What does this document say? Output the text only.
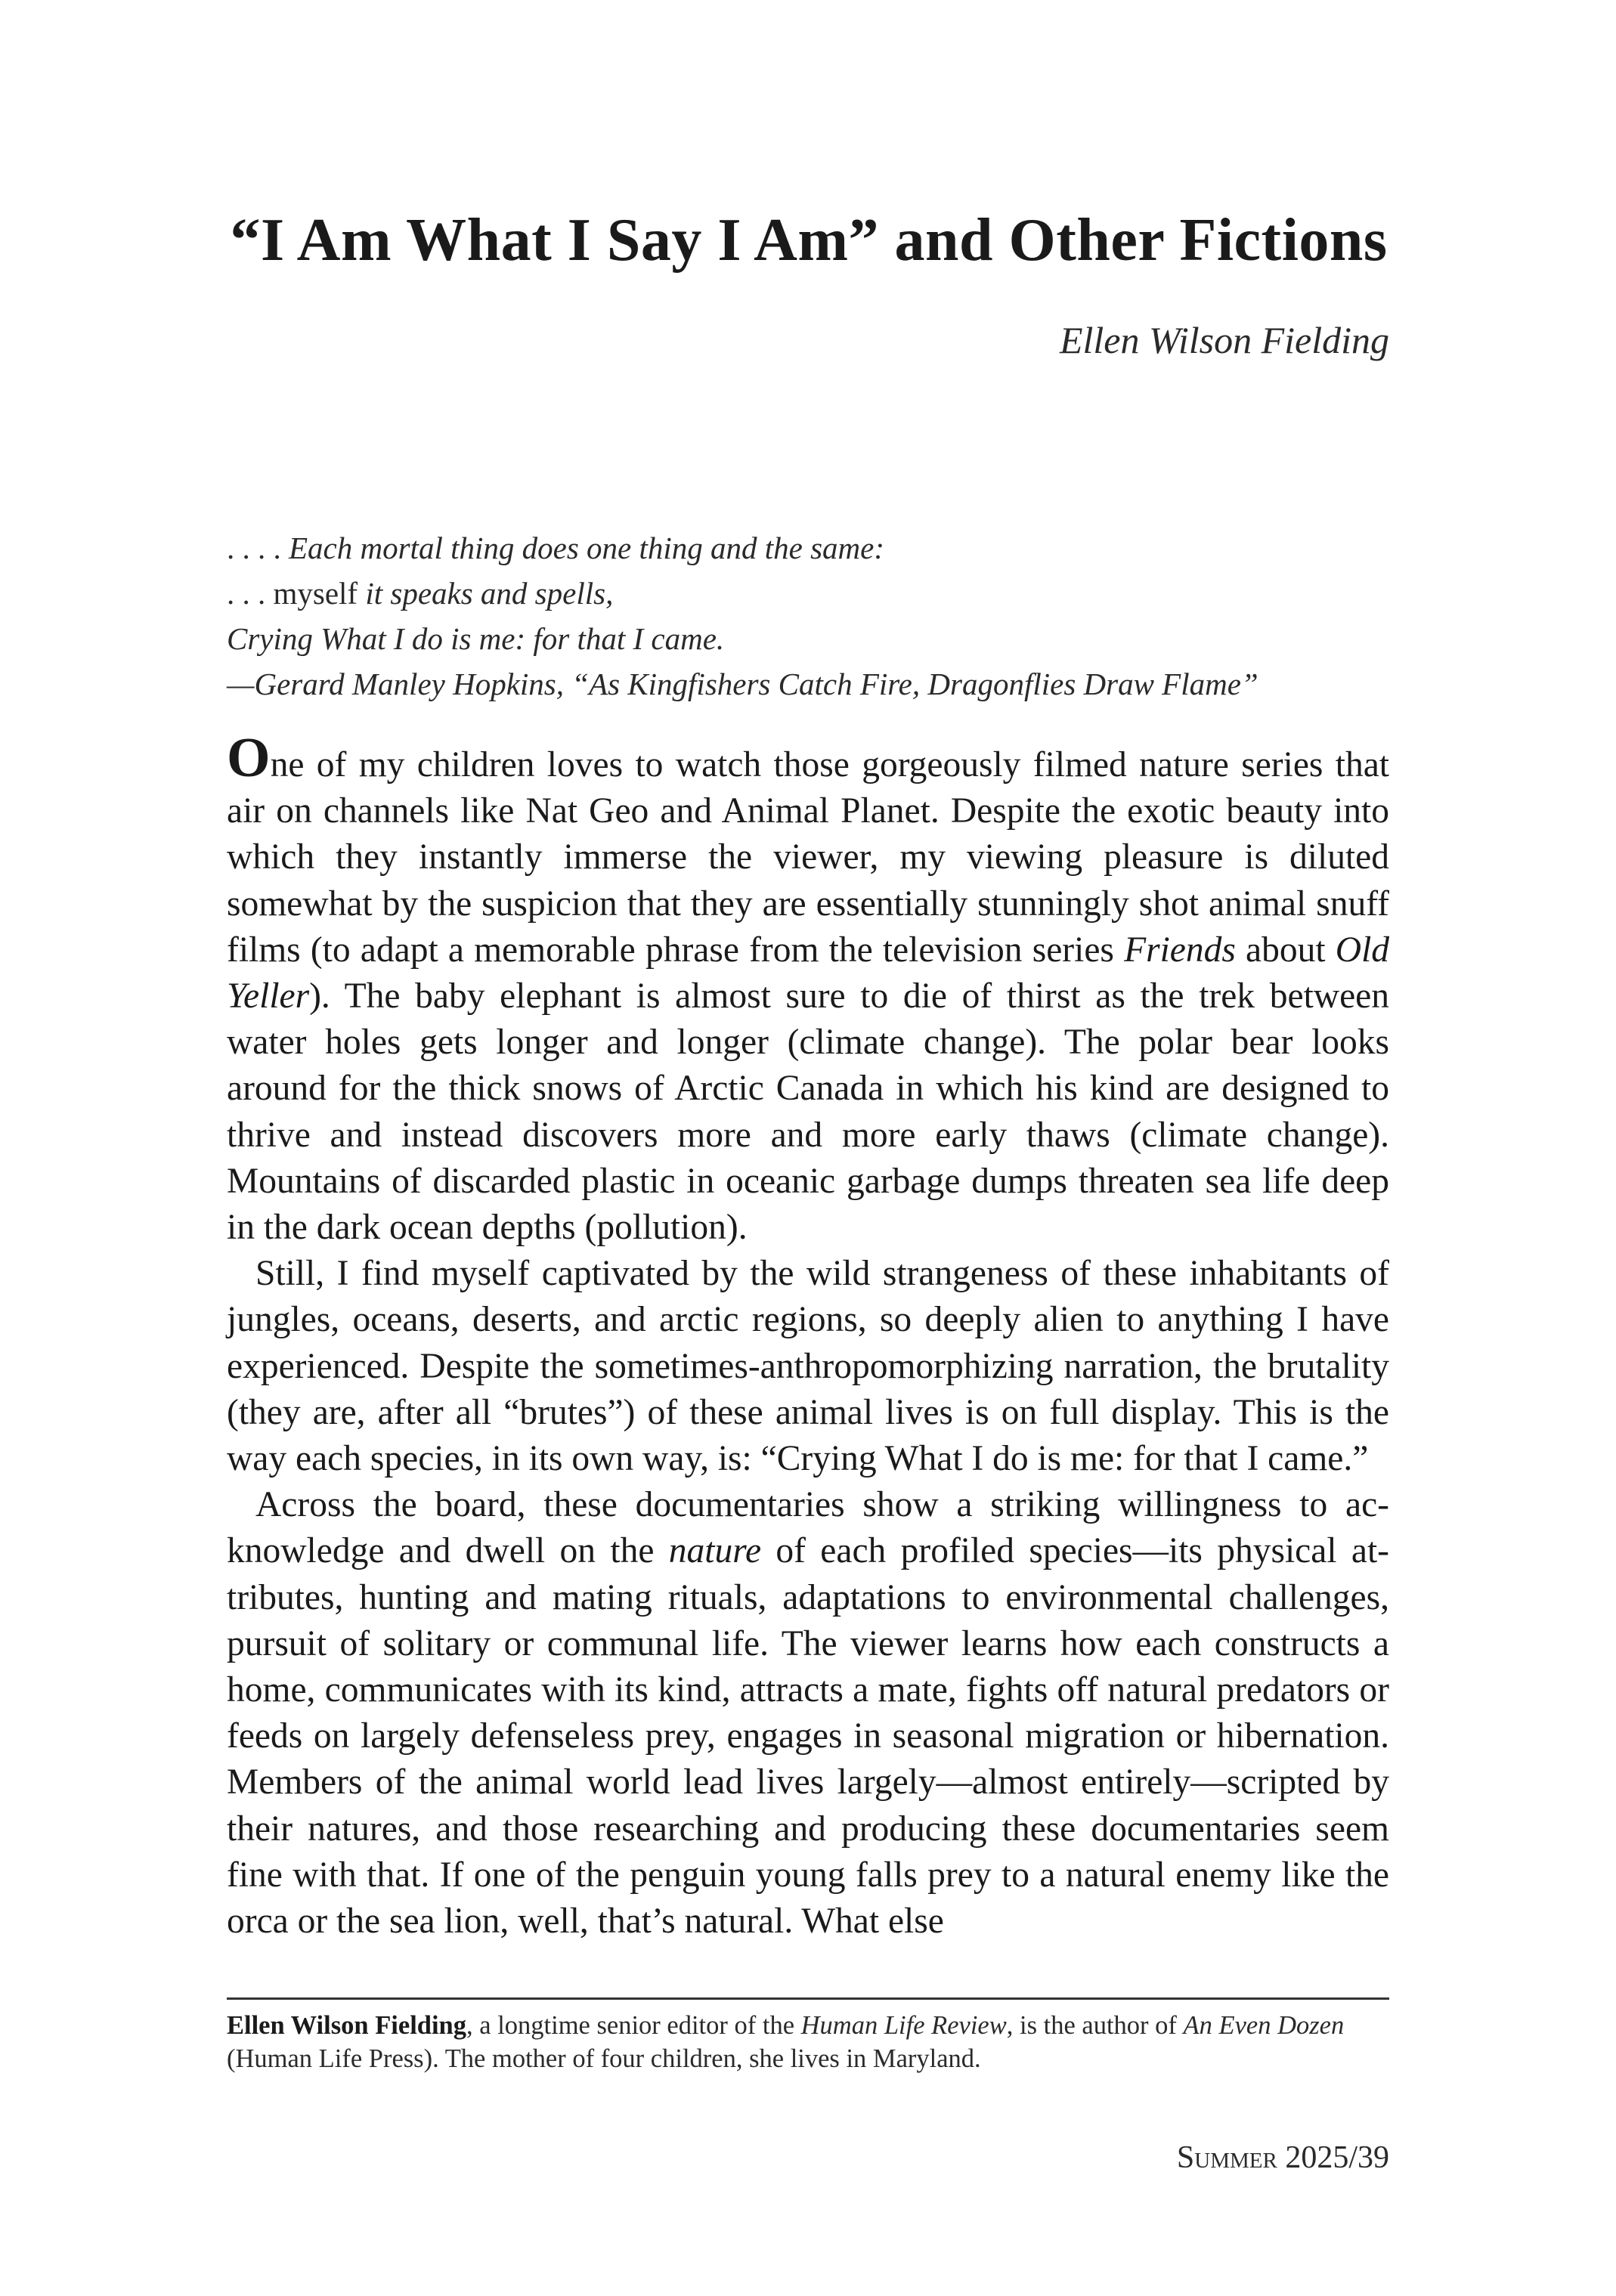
“I Am What I Say I Am” and Other Fictions
Ellen Wilson Fielding
. . . . Each mortal thing does one thing and the same:
. . . myself it speaks and spells,
Crying What I do is me: for that I came.
—Gerard Manley Hopkins, “As Kingfishers Catch Fire, Dragonflies Draw Flame”

One of my children loves to watch those gorgeously filmed nature series that air on channels like Nat Geo and Animal Planet. Despite the exotic beauty into which they instantly immerse the viewer, my viewing pleasure is diluted somewhat by the suspicion that they are essentially stunningly shot animal snuff films (to adapt a memorable phrase from the television series Friends about Old Yeller). The baby elephant is almost sure to die of thirst as the trek between water holes gets longer and longer (climate change). The polar bear looks around for the thick snows of Arctic Canada in which his kind are designed to thrive and instead discovers more and more early thaws (climate change). Mountains of discarded plastic in oceanic garbage dumps threaten sea life deep in the dark ocean depths (pollution).

Still, I find myself captivated by the wild strangeness of these inhabitants of jungles, oceans, deserts, and arctic regions, so deeply alien to anything I have experienced. Despite the sometimes-anthropomorphizing narration, the brutality (they are, after all “brutes”) of these animal lives is on full display. This is the way each species, in its own way, is: “Crying What I do is me: for that I came.”

Across the board, these documentaries show a striking willingness to acknowledge and dwell on the nature of each profiled species—its physical attributes, hunting and mating rituals, adaptations to environmental challenges, pursuit of solitary or communal life. The viewer learns how each constructs a home, communicates with its kind, attracts a mate, fights off natural predators or feeds on largely defenseless prey, engages in seasonal migration or hibernation. Members of the animal world lead lives largely—almost entirely—scripted by their natures, and those researching and producing these documentaries seem fine with that. If one of the penguin young falls prey to a natural enemy like the orca or the sea lion, well, that’s natural. What else

Ellen Wilson Fielding, a longtime senior editor of the Human Life Review, is the author of An Even Dozen (Human Life Press). The mother of four children, she lives in Maryland.
Summer 2025/39
